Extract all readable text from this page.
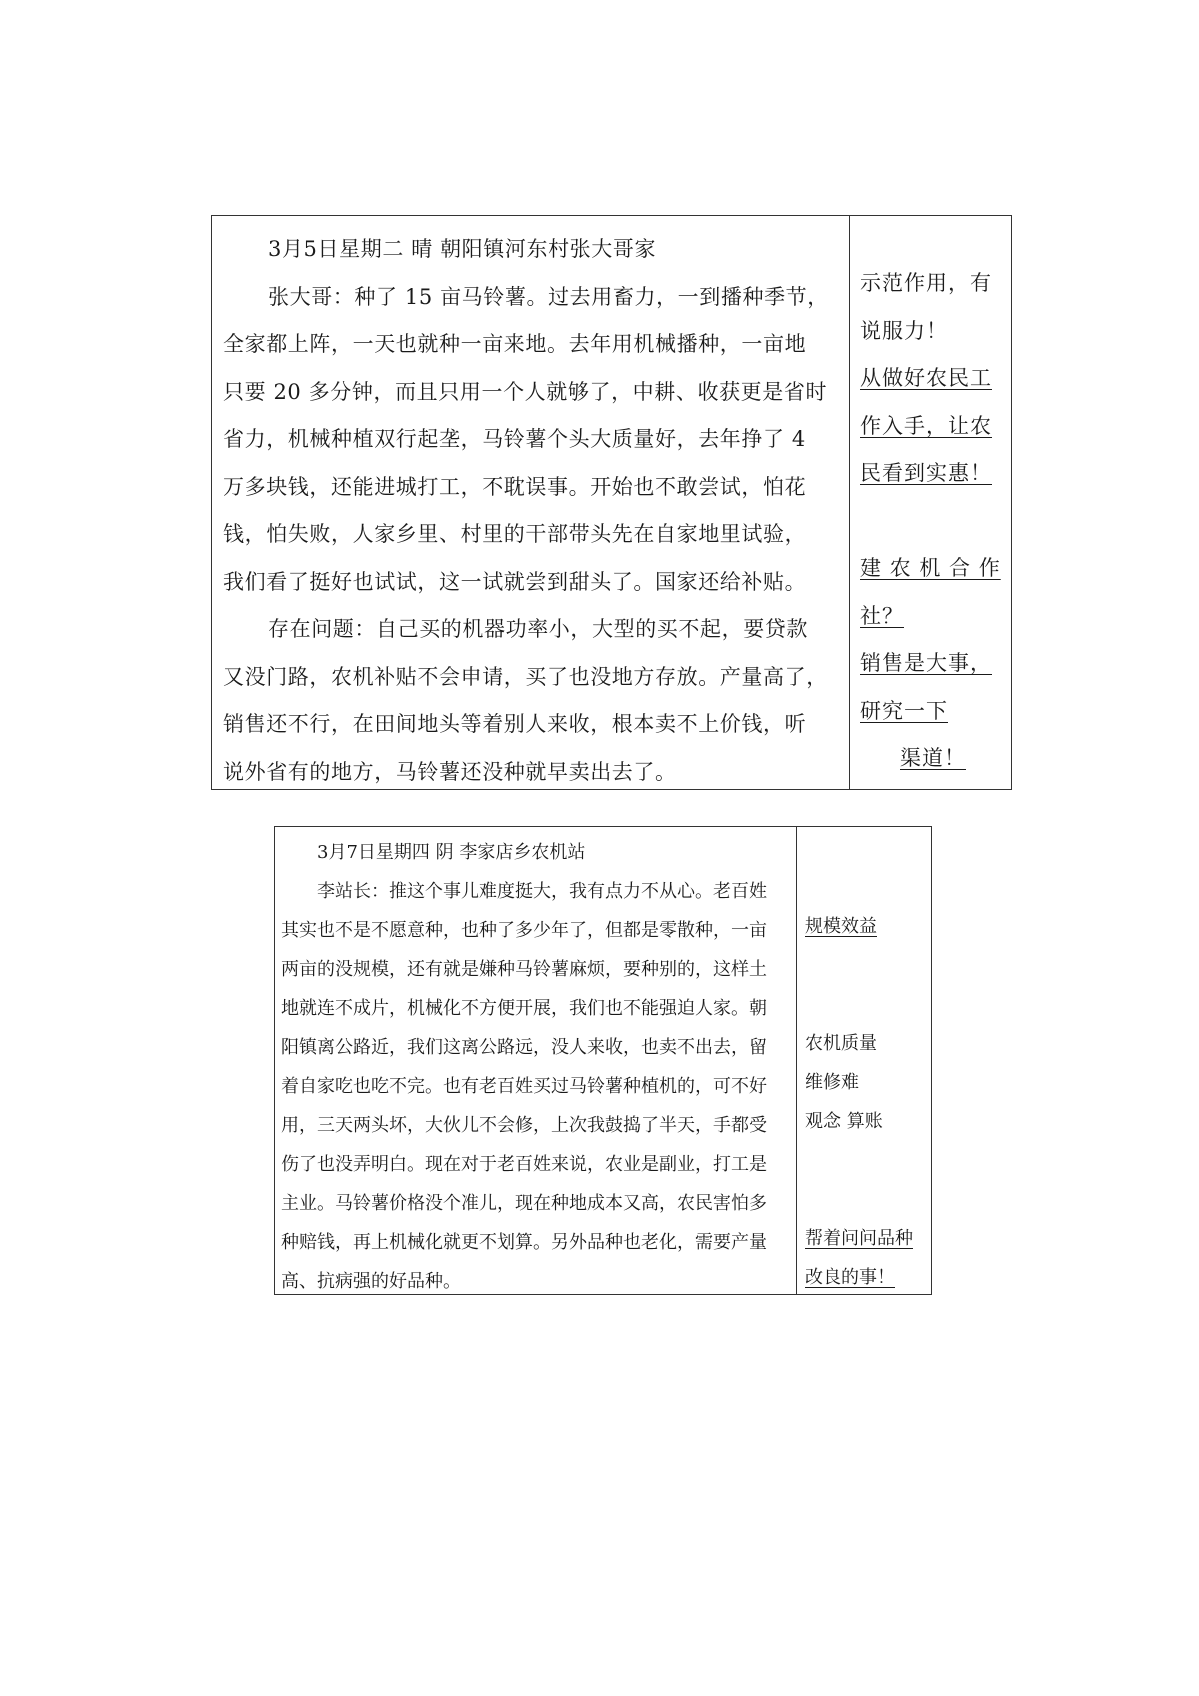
3月5日星期二 晴 朝阳镇河东村张大哥家
张大哥：种了 15 亩马铃薯。过去用畜力，一到播种季节，
全家都上阵，一天也就种一亩来地。去年用机械播种，一亩地
只要 20 多分钟，而且只用一个人就够了，中耕、收获更是省时
省力，机械种植双行起垄，马铃薯个头大质量好，去年挣了 4
万多块钱，还能进城打工，不耽误事。开始也不敢尝试，怕花
钱，怕失败，人家乡里、村里的干部带头先在自家地里试验，
我们看了挺好也试试，这一试就尝到甜头了。国家还给补贴。
存在问题：自己买的机器功率小，大型的买不起，要贷款
又没门路，农机补贴不会申请，买了也没地方存放。产量高了，
销售还不行，在田间地头等着别人来收，根本卖不上价钱，听
说外省有的地方，马铃薯还没种就早卖出去了。
示范作用，有
说服力！
从做好农民工
作入手，让农
民看到实惠！
建 农 机 合 作
社？
销售是大事，
研究一下
渠道！
3月7日星期四 阴 李家店乡农机站
李站长：推这个事儿难度挺大，我有点力不从心。老百姓
其实也不是不愿意种，也种了多少年了，但都是零散种，一亩
两亩的没规模，还有就是嫌种马铃薯麻烦，要种别的，这样土
地就连不成片，机械化不方便开展，我们也不能强迫人家。朝
阳镇离公路近，我们这离公路远，没人来收，也卖不出去，留
着自家吃也吃不完。也有老百姓买过马铃薯种植机的，可不好
用，三天两头坏，大伙儿不会修，上次我鼓捣了半天，手都受
伤了也没弄明白。现在对于老百姓来说，农业是副业，打工是
主业。马铃薯价格没个准儿，现在种地成本又高，农民害怕多
种赔钱，再上机械化就更不划算。另外品种也老化，需要产量
高、抗病强的好品种。
规模效益
农机质量
维修难
观念 算账
帮着问问品种
改良的事！
